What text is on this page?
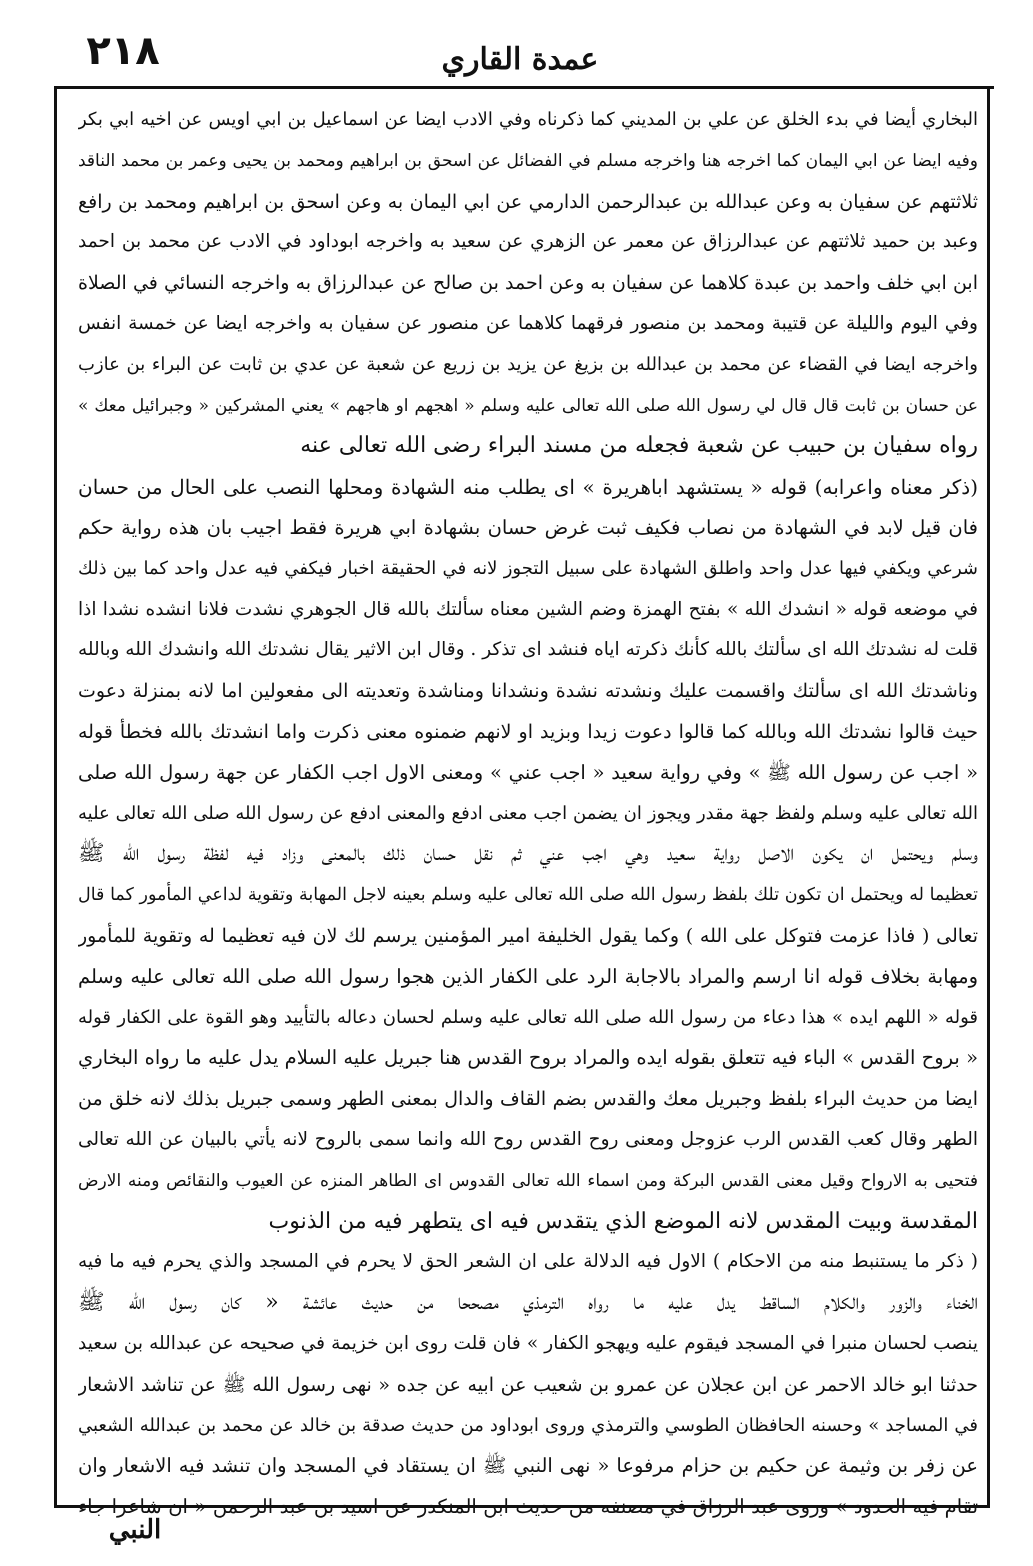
٢١٨	عمدة القاري
البخاري أيضا في بدء الخلق عن علي بن المديني كما ذكرناه وفي الادب ايضا عن اسماعيل بن ابي اويس عن اخيه ابي بكر
وفيه ايضا عن ابي اليمان كما اخرجه هنا واخرجه مسلم في الفضائل عن اسحق بن ابراهيم ومحمد بن يحيى وعمر بن محمد الناقد
ثلاثتهم عن سفيان به وعن عبدالله بن عبدالرحمن الدارمي عن ابي اليمان به وعن اسحق بن ابراهيم ومحمد بن رافع
وعبد بن حميد ثلاثتهم عن عبدالرزاق عن معمر عن الزهري عن سعيد به واخرجه ابوداود في الادب عن محمد بن احمد
ابن ابي خلف واحمد بن عبدة كلاهما عن سفيان به وعن احمد بن صالح عن عبدالرزاق به واخرجه النسائي في الصلاة
وفي اليوم والليلة عن قتيبة ومحمد بن منصور فرقهما كلاهما عن منصور عن سفيان به واخرجه ايضا عن خمسة انفس
واخرجه ايضا في القضاء عن محمد بن عبدالله بن بزيغ عن يزيد بن زريع عن شعبة عن عدي بن ثابت عن البراء بن عازب
عن حسان بن ثابت قال قال لي رسول الله صلى الله تعالى عليه وسلم « اهجهم او هاجهم » يعني المشركين « وجبرائيل معك »
رواه سفيان بن حبيب عن شعبة فجعله من مسند البراء رضى الله تعالى عنه
(ذكر معناه واعرابه) قوله « يستشهد اباهريرة » اى يطلب منه الشهادة ومحلها النصب على الحال من حسان
فان قيل لابد في الشهادة من نصاب فكيف ثبت غرض حسان بشهادة ابي هريرة فقط اجيب بان هذه رواية حكم
شرعي ويكفي فيها عدل واحد واطلق الشهادة على سبيل التجوز لانه في الحقيقة اخبار فيكفي فيه عدل واحد كما بين ذلك
في موضعه قوله « انشدك الله » بفتح الهمزة وضم الشين معناه سألتك بالله قال الجوهري نشدت فلانا انشده نشدا اذا
قلت له نشدتك الله اى سألتك بالله كأنك ذكرته اياه فنشد اى تذكر . وقال ابن الاثير يقال نشدتك الله وانشدك الله وبالله
وناشدتك الله اى سألتك واقسمت عليك ونشدته نشدة ونشدانا ومناشدة وتعديته الى مفعولين اما لانه بمنزلة دعوت
حيث قالوا نشدتك الله وبالله كما قالوا دعوت زيدا وبزيد او لانهم ضمنوه معنى ذكرت واما انشدتك بالله فخطأ قوله
« اجب عن رسول الله ﷺ » وفي رواية سعيد « اجب عني » ومعنى الاول اجب الكفار عن جهة رسول الله صلى
الله تعالى عليه وسلم ولفظ جهة مقدر ويجوز ان يضمن اجب معنى ادفع والمعنى ادفع عن رسول الله صلى الله تعالى عليه
وسلم ويحتمل ان يكون الاصل رواية سعيد وهي اجب عني ثم نقل حسان ذلك بالمعنى وزاد فيه لفظة رسول الله ﷺ
تعظيما له ويحتمل ان تكون تلك بلفظ رسول الله صلى الله تعالى عليه وسلم بعينه لاجل المهابة وتقوية لداعي المأمور كما قال
تعالى ( فاذا عزمت فتوكل على الله ) وكما يقول الخليفة امير المؤمنين يرسم لك لان فيه تعظيما له وتقوية للمأمور
ومهابة بخلاف قوله انا ارسم والمراد بالاجابة الرد على الكفار الذين هجوا رسول الله صلى الله تعالى عليه وسلم
قوله « اللهم ايده » هذا دعاء من رسول الله صلى الله تعالى عليه وسلم لحسان دعاله بالتأييد وهو القوة على الكفار قوله
« بروح القدس » الباء فيه تتعلق بقوله ايده والمراد بروح القدس هنا جبريل عليه السلام يدل عليه ما رواه البخاري
ايضا من حديث البراء بلفظ وجبريل معك والقدس بضم القاف والدال بمعنى الطهر وسمى جبريل بذلك لانه خلق من
الطهر وقال كعب القدس الرب عزوجل ومعنى روح القدس روح الله وانما سمى بالروح لانه يأتي بالبيان عن الله تعالى
فتحيى به الارواح وقيل معنى القدس البركة ومن اسماء الله تعالى القدوس اى الطاهر المنزه عن العيوب والنقائص ومنه الارض
المقدسة وبيت المقدس لانه الموضع الذي يتقدس فيه اى يتطهر فيه من الذنوب
( ذكر ما يستنبط منه من الاحكام ) الاول فيه الدلالة على ان الشعر الحق لا يحرم في المسجد والذي يحرم فيه ما فيه
الخناء والزور والكلام الساقط يدل عليه ما رواه الترمذي مصححا من حديث عائشة « كان رسول الله ﷺ
ينصب لحسان منبرا في المسجد فيقوم عليه ويهجو الكفار » فان قلت روى ابن خزيمة في صحيحه عن عبدالله بن سعيد
حدثنا ابو خالد الاحمر عن ابن عجلان عن عمرو بن شعيب عن ابيه عن جده « نهى رسول الله ﷺ عن تناشد الاشعار
في المساجد » وحسنه الحافظان الطوسي والترمذي وروى ابوداود من حديث صدقة بن خالد عن محمد بن عبدالله الشعبي
عن زفر بن وثيمة عن حكيم بن حزام مرفوعا « نهى النبي ﷺ ان يستقاد في المسجد وان تنشد فيه الاشعار وان
تقام فيه الحدود » وروى عبد الرزاق في مصنفه من حديث ابن المنكدر عن اسيد بن عبد الرحمن « ان شاعرا جاء
النبي
